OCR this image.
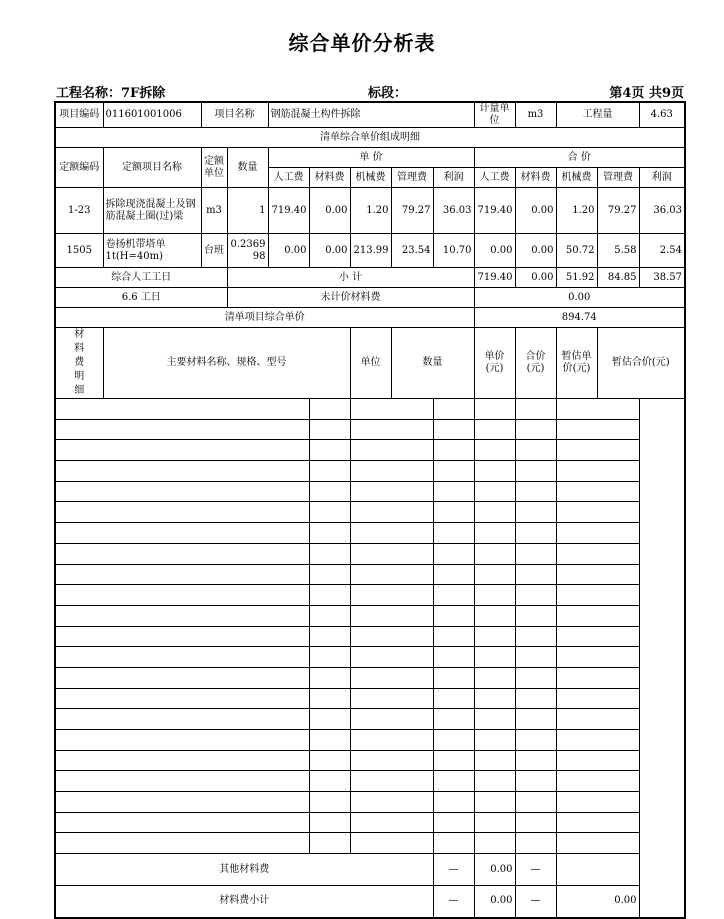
综合单价分析表
工程名称：7F拆除	标段：	第4页 共9页
项目编码	011601001006	项目名称		钢筋混凝土构件拆除					计量单位	m3	工程量		4.63
清单综合单价组成明细													
定额编码	定额项目名称	定额单位	数量	单 价					合 价				
				人工费	材料费	机械费	管理费	利润	人工费	材料费	机械费	管理费	利润
1-23	拆除现浇混凝土及钢筋混凝土圈(过)梁	m3	1	719.40	0.00	1.20	79.27	36.03	719.40	0.00	1.20	79.27	36.03
1505	卷扬机带塔单1t(H=40m)	台班	0.236998	0.00	0.00	213.99	23.54	10.70	0.00	0.00	50.72	5.58	2.54
综合人工工日			小 计						719.40	0.00	51.92	84.85	38.57
6.6 工日			未计价材料费						0.00				
清单项目综合单价									894.74				

材
料
费
明
细	主要材料名称、规格、型号					单位	数量		单价(元)	合价(元)	暂估单价(元)	暂估合价(元)	

其他材料费								—	0.00	—			
材料费小计								—	0.00	—	0.00		
